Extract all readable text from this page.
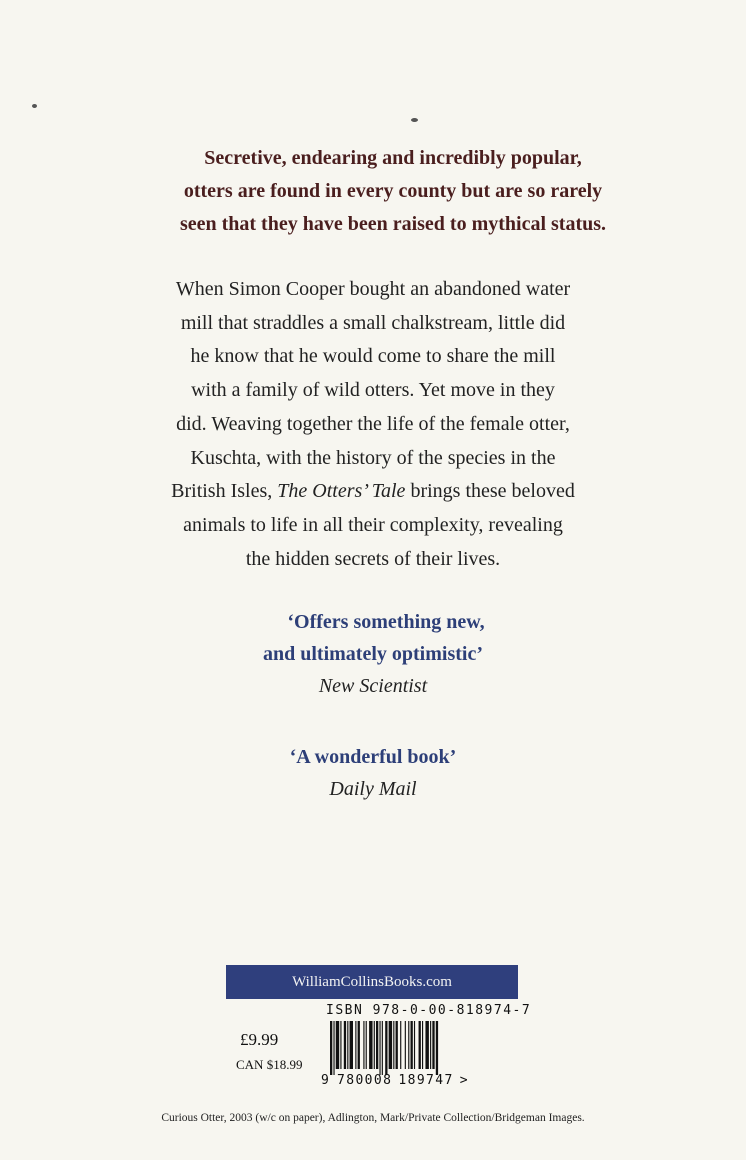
Secretive, endearing and incredibly popular,
otters are found in every county but are so rarely
seen that they have been raised to mythical status.
When Simon Cooper bought an abandoned water
mill that straddles a small chalkstream, little did
he know that he would come to share the mill
with a family of wild otters. Yet move in they
did. Weaving together the life of the female otter,
Kuschta, with the history of the species in the
British Isles, The Otters’ Tale brings these beloved
animals to life in all their complexity, revealing
the hidden secrets of their lives.
‘Offers something new,
and ultimately optimistic’
New Scientist
‘A wonderful book’
Daily Mail
WilliamCollinsBooks.com
ISBN 978-0-00-818974-7
£9.99
CAN $18.99
9 780008 189747 >
Curious Otter, 2003 (w/c on paper), Adlington, Mark/Private Collection/Bridgeman Images.
